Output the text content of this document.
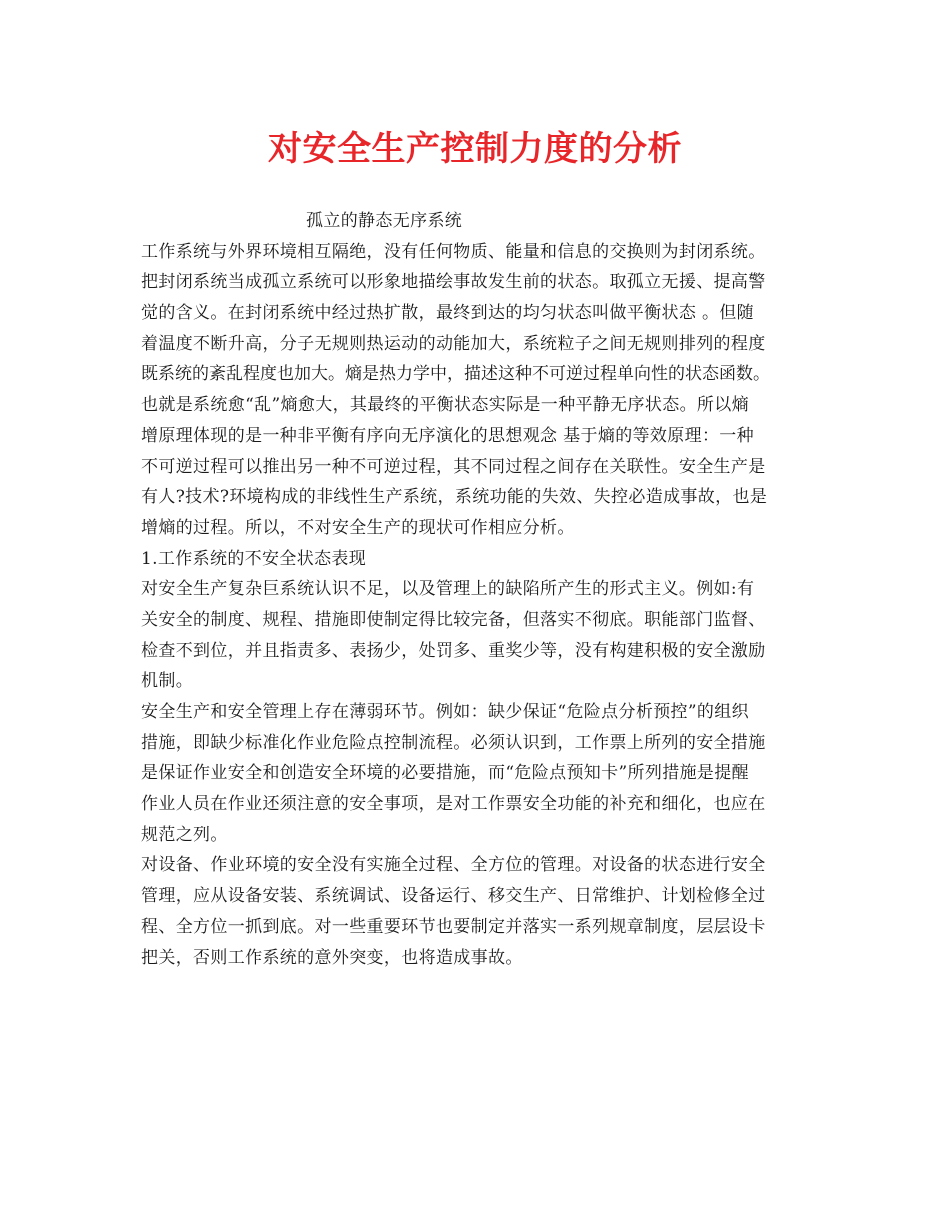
对安全生产控制力度的分析
孤立的静态无序系统
工作系统与外界环境相互隔绝，没有任何物质、能量和信息的交换则为封闭系统。
把封闭系统当成孤立系统可以形象地描绘事故发生前的状态。取孤立无援、提高警
觉的含义。在封闭系统中经过热扩散，最终到达的均匀状态叫做平衡状态 。但随
着温度不断升高，分子无规则热运动的动能加大，系统粒子之间无规则排列的程度
既系统的紊乱程度也加大。熵是热力学中，描述这种不可逆过程单向性的状态函数。
也就是系统愈“乱”熵愈大，其最终的平衡状态实际是一种平静无序状态。所以熵
增原理体现的是一种非平衡有序向无序演化的思想观念 基于熵的等效原理：一种
不可逆过程可以推出另一种不可逆过程，其不同过程之间存在关联性。安全生产是
有人?技术?环境构成的非线性生产系统，系统功能的失效、失控必造成事故，也是
增熵的过程。所以，不对安全生产的现状可作相应分析。
1.工作系统的不安全状态表现
对安全生产复杂巨系统认识不足，以及管理上的缺陷所产生的形式主义。例如:有
关安全的制度、规程、措施即使制定得比较完备，但落实不彻底。职能部门监督、
检查不到位，并且指责多、表扬少，处罚多、重奖少等，没有构建积极的安全激励
机制。
安全生产和安全管理上存在薄弱环节。例如：缺少保证“危险点分析预控”的组织
措施，即缺少标准化作业危险点控制流程。必须认识到，工作票上所列的安全措施
是保证作业安全和创造安全环境的必要措施，而“危险点预知卡”所列措施是提醒
作业人员在作业还须注意的安全事项，是对工作票安全功能的补充和细化，也应在
规范之列。
对设备、作业环境的安全没有实施全过程、全方位的管理。对设备的状态进行安全
管理，应从设备安装、系统调试、设备运行、移交生产、日常维护、计划检修全过
程、全方位一抓到底。对一些重要环节也要制定并落实一系列规章制度，层层设卡
把关，否则工作系统的意外突变，也将造成事故。
